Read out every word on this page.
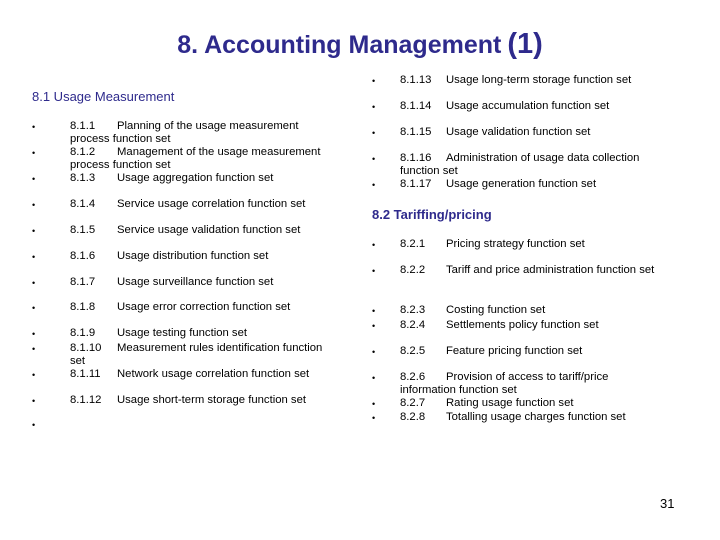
8. Accounting Management (1)
8.1 Usage Measurement
8.2 Tariffing/pricing
•	8.1.1 Planning of the usage measurement
process function set
•	8.1.2 Management of the usage measurement
process function set
•	8.1.3 Usage aggregation function set
•	8.1.4 Service usage correlation function set
•	8.1.5 Service usage validation function set
•	8.1.6 Usage distribution function set
•	8.1.7 Usage surveillance function set
•	8.1.8 Usage error correction function set
•	8.1.9 Usage testing function set
•	8.1.10 Measurement rules identification function
set
•	8.1.11 Network usage correlation function set
•	8.1.12 Usage short-term storage function set
•
• 8.1.13 Usage long-term storage function set
• 8.1.14 Usage accumulation function set
• 8.1.15 Usage validation function set
• 8.1.16 Administration of usage data collection
function set
• 8.1.17 Usage generation function set
• 8.2.1 Pricing strategy function set
• 8.2.2 Tariff and price administration function set
• 8.2.3 Costing function set
• 8.2.4 Settlements policy function set
• 8.2.5 Feature pricing function set
• 8.2.6 Provision of access to tariff/price
information function set
• 8.2.7 Rating usage function set
• 8.2.8 Totalling usage charges function set
31
